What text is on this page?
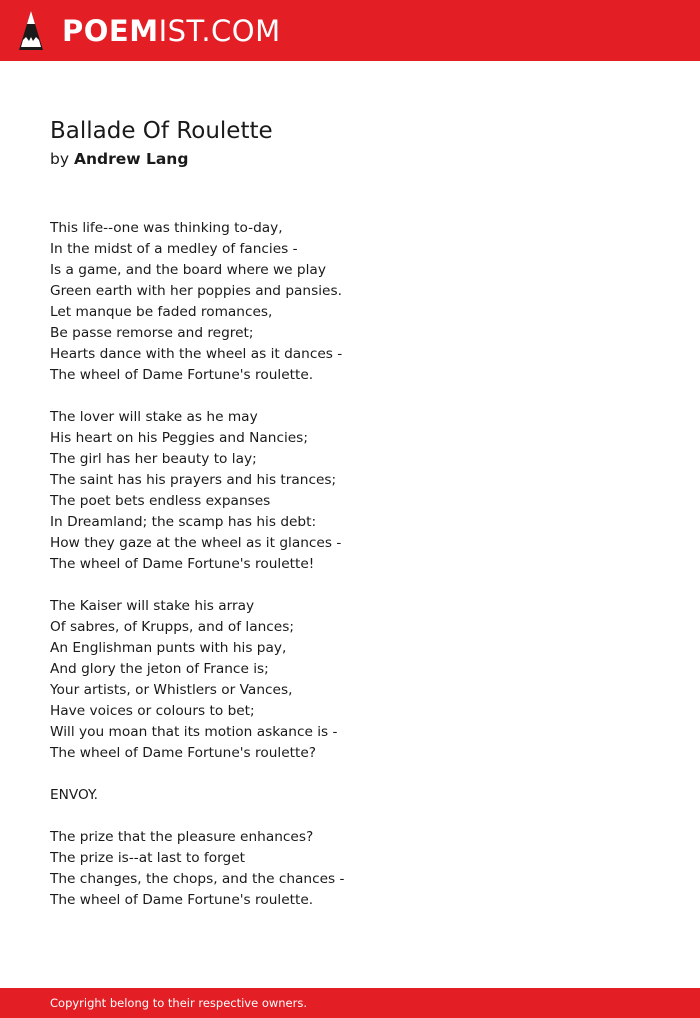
POEMIST.COM
Ballade Of Roulette
by Andrew Lang
This life--one was thinking to-day,
In the midst of a medley of fancies -
Is a game, and the board where we play
Green earth with her poppies and pansies.
Let manque be faded romances,
Be passe remorse and regret;
Hearts dance with the wheel as it dances -
The wheel of Dame Fortune's roulette.
The lover will stake as he may
His heart on his Peggies and Nancies;
The girl has her beauty to lay;
The saint has his prayers and his trances;
The poet bets endless expanses
In Dreamland; the scamp has his debt:
How they gaze at the wheel as it glances -
The wheel of Dame Fortune's roulette!
The Kaiser will stake his array
Of sabres, of Krupps, and of lances;
An Englishman punts with his pay,
And glory the jeton of France is;
Your artists, or Whistlers or Vances,
Have voices or colours to bet;
Will you moan that its motion askance is -
The wheel of Dame Fortune's roulette?
ENVOY.
The prize that the pleasure enhances?
The prize is--at last to forget
The changes, the chops, and the chances -
The wheel of Dame Fortune's roulette.
Copyright belong to their respective owners.
